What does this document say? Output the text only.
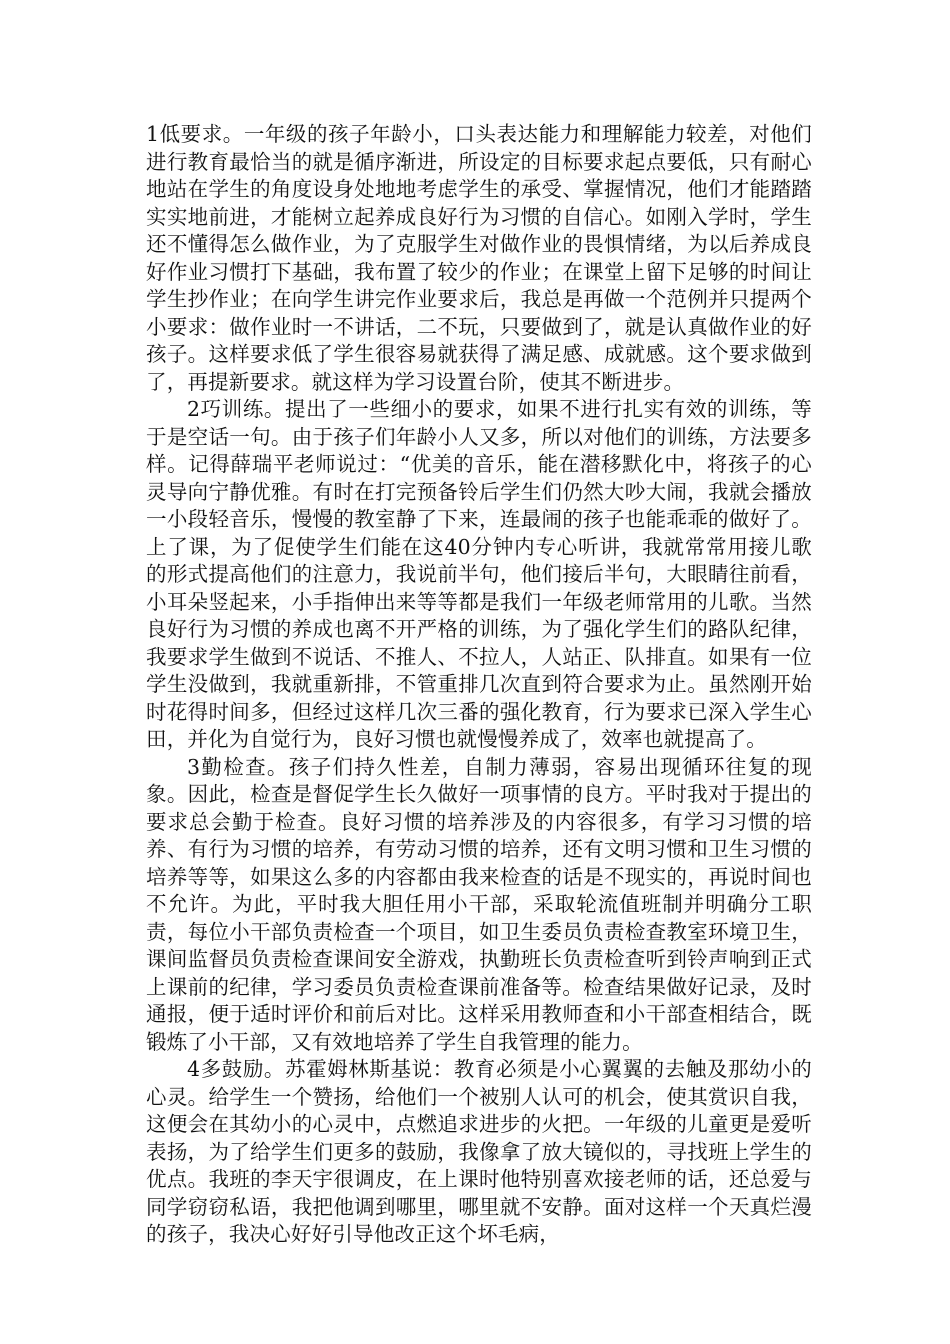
1低要求。一年级的孩子年龄小，口头表达能力和理解能力较差，对他们进行教育最恰当的就是循序渐进，所设定的目标要求起点要低，只有耐心地站在学生的角度设身处地地考虑学生的承受、掌握情况，他们才能踏踏实实地前进，才能树立起养成良好行为习惯的自信心。如刚入学时，学生还不懂得怎么做作业，为了克服学生对做作业的畏惧情绪，为以后养成良好作业习惯打下基础，我布置了较少的作业；在课堂上留下足够的时间让学生抄作业；在向学生讲完作业要求后，我总是再做一个范例并只提两个小要求：做作业时一不讲话，二不玩，只要做到了，就是认真做作业的好孩子。这样要求低了学生很容易就获得了满足感、成就感。这个要求做到了，再提新要求。就这样为学习设置台阶，使其不断进步。

2巧训练。提出了一些细小的要求，如果不进行扎实有效的训练，等于是空话一句。由于孩子们年龄小人又多，所以对他们的训练，方法要多样。记得薛瑞平老师说过：“优美的音乐，能在潜移默化中，将孩子的心灵导向宁静优雅。有时在打完预备铃后学生们仍然大吵大闹，我就会播放一小段轻音乐，慢慢的教室静了下来，连最闹的孩子也能乖乖的做好了。上了课，为了促使学生们能在这40分钟内专心听讲，我就常常用接儿歌的形式提高他们的注意力，我说前半句，他们接后半句，大眼睛往前看，小耳朵竖起来，小手指伸出来等等都是我们一年级老师常用的儿歌。当然良好行为习惯的养成也离不开严格的训练，为了强化学生们的路队纪律，我要求学生做到不说话、不推人、不拉人，人站正、队排直。如果有一位学生没做到，我就重新排，不管重排几次直到符合要求为止。虽然刚开始时花得时间多，但经过这样几次三番的强化教育，行为要求已深入学生心田，并化为自觉行为，良好习惯也就慢慢养成了，效率也就提高了。

3勤检查。孩子们持久性差，自制力薄弱，容易出现循环往复的现象。因此，检查是督促学生长久做好一项事情的良方。平时我对于提出的要求总会勤于检查。良好习惯的培养涉及的内容很多，有学习习惯的培养、有行为习惯的培养，有劳动习惯的培养，还有文明习惯和卫生习惯的培养等等，如果这么多的内容都由我来检查的话是不现实的，再说时间也不允许。为此，平时我大胆任用小干部，采取轮流值班制并明确分工职责，每位小干部负责检查一个项目，如卫生委员负责检查教室环境卫生，课间监督员负责检查课间安全游戏，执勤班长负责检查听到铃声响到正式上课前的纪律，学习委员负责检查课前准备等。检查结果做好记录，及时通报，便于适时评价和前后对比。这样采用教师查和小干部查相结合，既锻炼了小干部，又有效地培养了学生自我管理的能力。

4多鼓励。苏霍姆林斯基说：教育必须是小心翼翼的去触及那幼小的心灵。给学生一个赞扬，给他们一个被别人认可的机会，使其赏识自我，这便会在其幼小的心灵中，点燃追求进步的火把。一年级的儿童更是爱听表扬，为了给学生们更多的鼓励，我像拿了放大镜似的，寻找班上学生的优点。我班的李天宇很调皮，在上课时他特别喜欢接老师的话，还总爱与同学窃窃私语，我把他调到哪里，哪里就不安静。面对这样一个天真烂漫的孩子，我决心好好引导他改正这个坏毛病，
